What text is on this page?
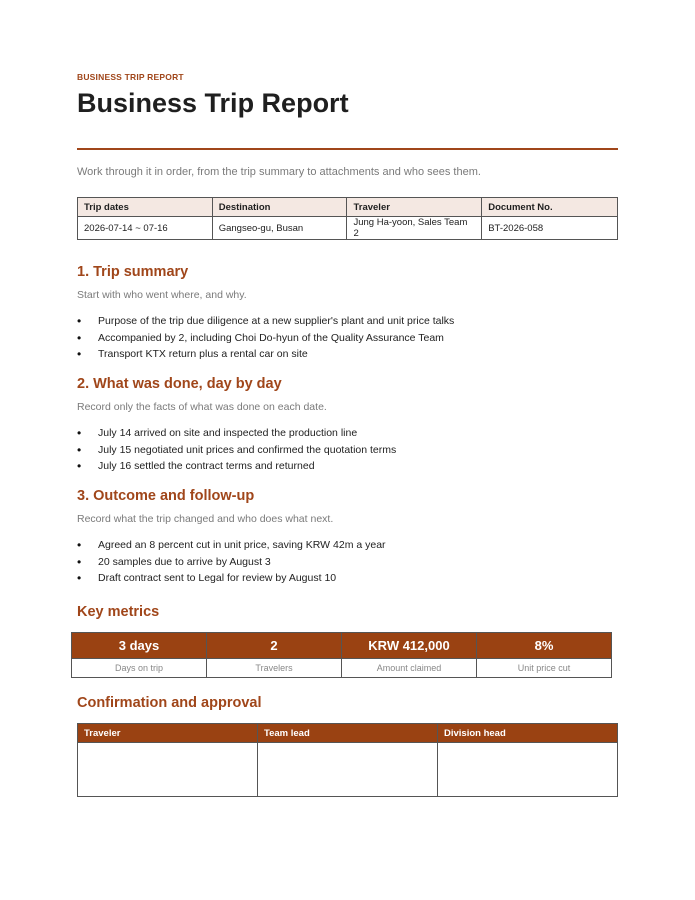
BUSINESS TRIP REPORT
Business Trip Report
Work through it in order, from the trip summary to attachments and who sees them.
Trip dates	Destination	Traveler	Document No.
2026-07-14 ~ 07-16	Gangseo-gu, Busan	Jung Ha-yoon, Sales Team 2	BT-2026-058
1. Trip summary
Start with who went where, and why.
• Purpose of the trip due diligence at a new supplier's plant and unit price talks
• Accompanied by 2, including Choi Do-hyun of the Quality Assurance Team
• Transport KTX return plus a rental car on site
2. What was done, day by day
Record only the facts of what was done on each date.
• July 14 arrived on site and inspected the production line
• July 15 negotiated unit prices and confirmed the quotation terms
• July 16 settled the contract terms and returned
3. Outcome and follow-up
Record what the trip changed and who does what next.
• Agreed an 8 percent cut in unit price, saving KRW 42m a year
• 20 samples due to arrive by August 3
• Draft contract sent to Legal for review by August 10
Key metrics
3 days	2	KRW 412,000	8%
Days on trip	Travelers	Amount claimed	Unit price cut
Confirmation and approval
Traveler	Team lead	Division head
